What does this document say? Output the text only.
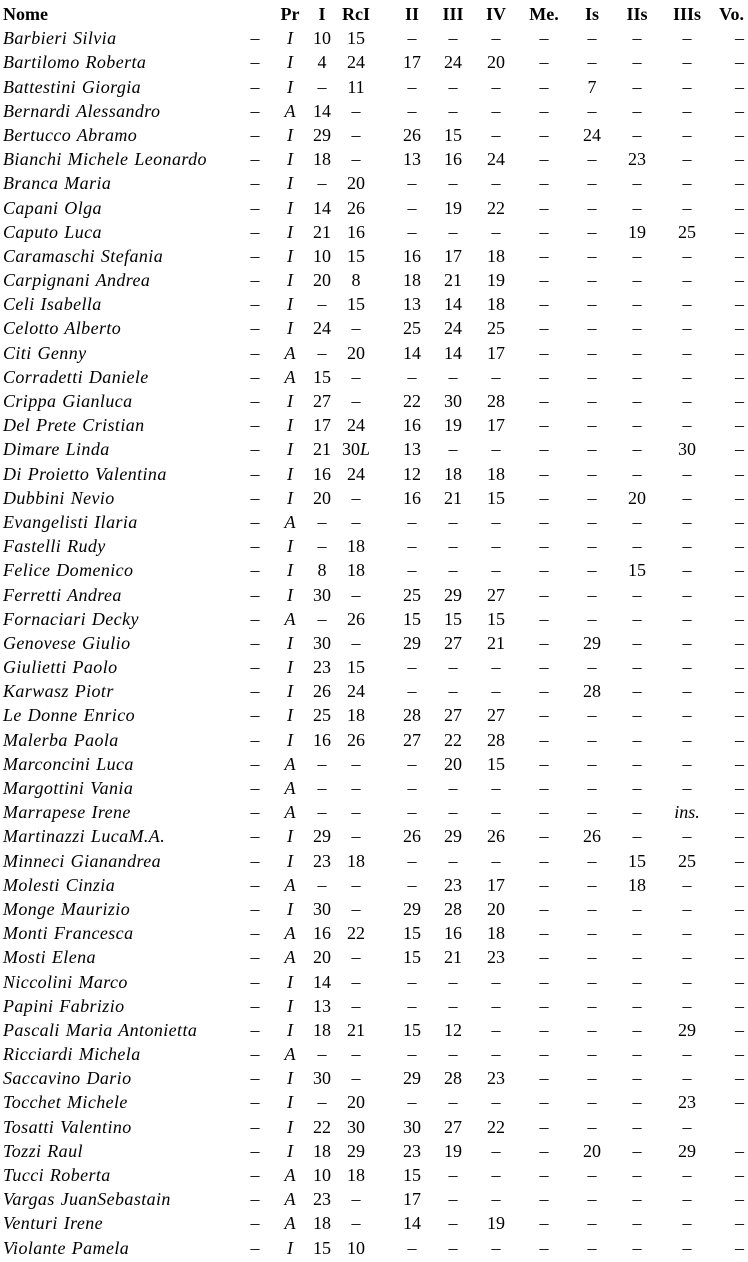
Nome		Pr	I	RcI	II	III	IV	Me.	Is	IIs	IIIs	Vo.
Barbieri Silvia	–	I	10	15	–	–	–	–	–	–	–	–
Bartilomo Roberta	–	I	4	24	17	24	20	–	–	–	–	–
Battestini Giorgia	–	I	–	11	–	–	–	–	7	–	–	–
Bernardi Alessandro	–	A	14	–	–	–	–	–	–	–	–	–
Bertucco Abramo	–	I	29	–	26	15	–	–	24	–	–	–
Bianchi Michele Leonardo	–	I	18	–	13	16	24	–	–	23	–	–
Branca Maria	–	I	–	20	–	–	–	–	–	–	–	–
Capani Olga	–	I	14	26	–	19	22	–	–	–	–	–
Caputo Luca	–	I	21	16	–	–	–	–	–	19	25	–
Caramaschi Stefania	–	I	10	15	16	17	18	–	–	–	–	–
Carpignani Andrea	–	I	20	8	18	21	19	–	–	–	–	–
Celi Isabella	–	I	–	15	13	14	18	–	–	–	–	–
Celotto Alberto	–	I	24	–	25	24	25	–	–	–	–	–
Citi Genny	–	A	–	20	14	14	17	–	–	–	–	–
Corradetti Daniele	–	A	15	–	–	–	–	–	–	–	–	–
Crippa Gianluca	–	I	27	–	22	30	28	–	–	–	–	–
Del Prete Cristian	–	I	17	24	16	19	17	–	–	–	–	–
Dimare Linda	–	I	21	30L	13	–	–	–	–	–	30	–
Di Proietto Valentina	–	I	16	24	12	18	18	–	–	–	–	–
Dubbini Nevio	–	I	20	–	16	21	15	–	–	20	–	–
Evangelisti Ilaria	–	A	–	–	–	–	–	–	–	–	–	–
Fastelli Rudy	–	I	–	18	–	–	–	–	–	–	–	–
Felice Domenico	–	I	8	18	–	–	–	–	–	15	–	–
Ferretti Andrea	–	I	30	–	25	29	27	–	–	–	–	–
Fornaciari Decky	–	A	–	26	15	15	15	–	–	–	–	–
Genovese Giulio	–	I	30	–	29	27	21	–	29	–	–	–
Giulietti Paolo	–	I	23	15	–	–	–	–	–	–	–	–
Karwasz Piotr	–	I	26	24	–	–	–	–	28	–	–	–
Le Donne Enrico	–	I	25	18	28	27	27	–	–	–	–	–
Malerba Paola	–	I	16	26	27	22	28	–	–	–	–	–
Marconcini Luca	–	A	–	–	–	20	15	–	–	–	–	–
Margottini Vania	–	A	–	–	–	–	–	–	–	–	–	–
Marrapese Irene	–	A	–	–	–	–	–	–	–	–	ins.	–
Martinazzi LucaM.A.	–	I	29	–	26	29	26	–	26	–	–	–
Minneci Gianandrea	–	I	23	18	–	–	–	–	–	15	25	–
Molesti Cinzia	–	A	–	–	–	23	17	–	–	18	–	–
Monge Maurizio	–	I	30	–	29	28	20	–	–	–	–	–
Monti Francesca	–	A	16	22	15	16	18	–	–	–	–	–
Mosti Elena	–	A	20	–	15	21	23	–	–	–	–	–
Niccolini Marco	–	I	14	–	–	–	–	–	–	–	–	–
Papini Fabrizio	–	I	13	–	–	–	–	–	–	–	–	–
Pascali Maria Antonietta	–	I	18	21	15	12	–	–	–	–	29	–
Ricciardi Michela	–	A	–	–	–	–	–	–	–	–	–	–
Saccavino Dario	–	I	30	–	29	28	23	–	–	–	–	–
Tocchet Michele	–	I	–	20	–	–	–	–	–	–	23	–
Tosatti Valentino	–	I	22	30	30	27	22	–	–	–	–	
Tozzi Raul	–	I	18	29	23	19	–	–	20	–	29	–
Tucci Roberta	–	A	10	18	15	–	–	–	–	–	–	–
Vargas JuanSebastain	–	A	23	–	17	–	–	–	–	–	–	–
Venturi Irene	–	A	18	–	14	–	19	–	–	–	–	–
Violante Pamela	–	I	15	10	–	–	–	–	–	–	–	–
